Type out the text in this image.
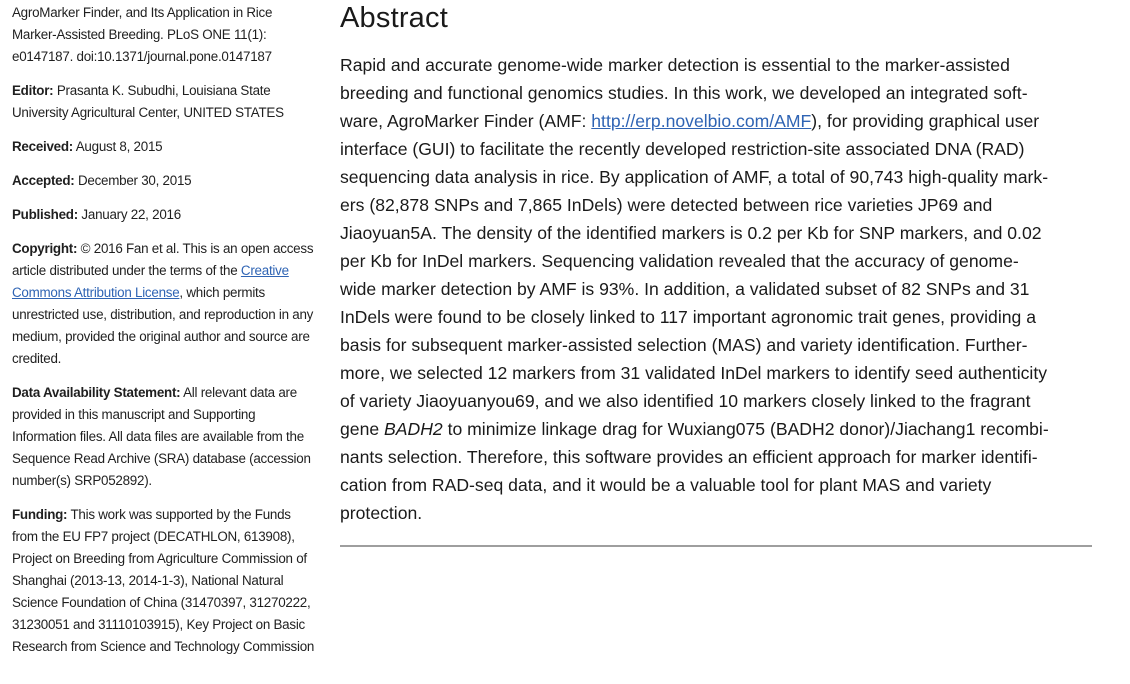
AgroMarker Finder, and Its Application in Rice
Marker-Assisted Breeding. PLoS ONE 11(1):
e0147187. doi:10.1371/journal.pone.0147187
Editor: Prasanta K. Subudhi, Louisiana State
University Agricultural Center, UNITED STATES
Received: August 8, 2015
Accepted: December 30, 2015
Published: January 22, 2016
Copyright: © 2016 Fan et al. This is an open access
article distributed under the terms of the Creative
Commons Attribution License, which permits
unrestricted use, distribution, and reproduction in any
medium, provided the original author and source are
credited.
Data Availability Statement: All relevant data are
provided in this manuscript and Supporting
Information files. All data files are available from the
Sequence Read Archive (SRA) database (accession
number(s) SRP052892).
Funding: This work was supported by the Funds
from the EU FP7 project (DECATHLON, 613908),
Project on Breeding from Agriculture Commission of
Shanghai (2013-13, 2014-1-3), National Natural
Science Foundation of China (31470397, 31270222,
31230051 and 31110103915), Key Project on Basic
Research from Science and Technology Commission
Abstract
Rapid and accurate genome-wide marker detection is essential to the marker-assisted
breeding and functional genomics studies. In this work, we developed an integrated soft-
ware, AgroMarker Finder (AMF: http://erp.novelbio.com/AMF), for providing graphical user
interface (GUI) to facilitate the recently developed restriction-site associated DNA (RAD)
sequencing data analysis in rice. By application of AMF, a total of 90,743 high-quality mark-
ers (82,878 SNPs and 7,865 InDels) were detected between rice varieties JP69 and
Jiaoyuan5A. The density of the identified markers is 0.2 per Kb for SNP markers, and 0.02
per Kb for InDel markers. Sequencing validation revealed that the accuracy of genome-
wide marker detection by AMF is 93%. In addition, a validated subset of 82 SNPs and 31
InDels were found to be closely linked to 117 important agronomic trait genes, providing a
basis for subsequent marker-assisted selection (MAS) and variety identification. Further-
more, we selected 12 markers from 31 validated InDel markers to identify seed authenticity
of variety Jiaoyuanyou69, and we also identified 10 markers closely linked to the fragrant
gene BADH2 to minimize linkage drag for Wuxiang075 (BADH2 donor)/Jiachang1 recombi-
nants selection. Therefore, this software provides an efficient approach for marker identifi-
cation from RAD-seq data, and it would be a valuable tool for plant MAS and variety
protection.
